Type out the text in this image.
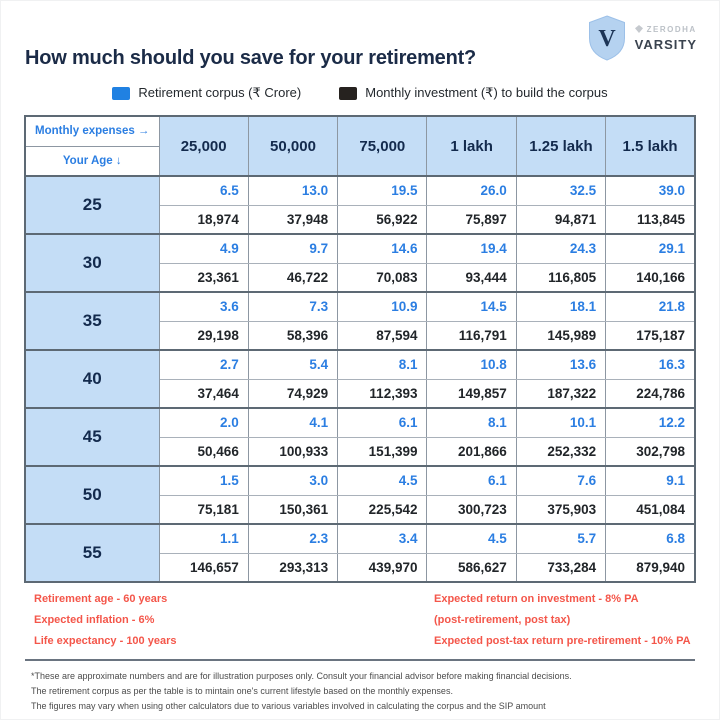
V	ZERODHA
VARSITY
How much should you save for your retirement?
Retirement corpus (₹ Crore)	Monthly investment (₹) to build the corpus
Monthly expenses →
Your Age ↓	25,000	50,000	75,000	1 lakh	1.25 lakh	1.5 lakh
25	6.5	13.0	19.5	26.0	32.5	39.0
	18,974	37,948	56,922	75,897	94,871	113,845
30	4.9	9.7	14.6	19.4	24.3	29.1
	23,361	46,722	70,083	93,444	116,805	140,166
35	3.6	7.3	10.9	14.5	18.1	21.8
	29,198	58,396	87,594	116,791	145,989	175,187
40	2.7	5.4	8.1	10.8	13.6	16.3
	37,464	74,929	112,393	149,857	187,322	224,786
45	2.0	4.1	6.1	8.1	10.1	12.2
	50,466	100,933	151,399	201,866	252,332	302,798
50	1.5	3.0	4.5	6.1	7.6	9.1
	75,181	150,361	225,542	300,723	375,903	451,084
55	1.1	2.3	3.4	4.5	5.7	6.8
	146,657	293,313	439,970	586,627	733,284	879,940

Retirement age - 60 years

Expected inflation - 6%

Life expectancy - 100 years

Expected return on investment - 8% PA

(post-retirement, post tax)

Expected post-tax return pre-retirement - 10% PA

*These are approximate numbers and are for illustration purposes only. Consult your financial advisor before making financial decisions.

The retirement corpus as per the table is to mintain one's current lifestyle based on the monthly expenses.

The figures may vary when using other calculators due to various variables involved in calculating the corpus and the SIP amount
